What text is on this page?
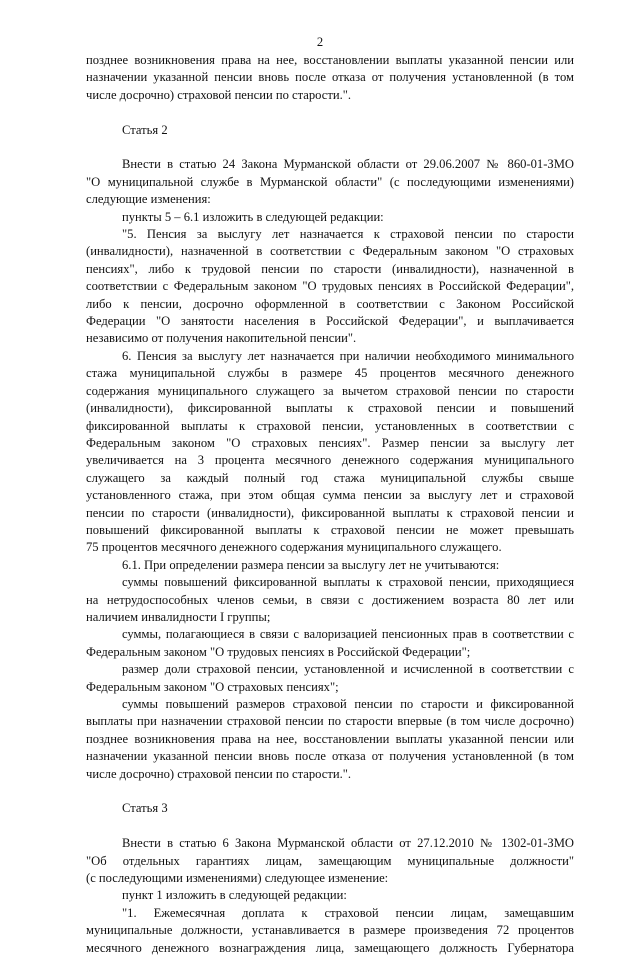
2

позднее возникновения права на нее, восстановлении выплаты указанной пенсии или

назначении указанной пенсии вновь после отказа от получения установленной (в том

числе досрочно) страховой пенсии по старости.".

Статья 2

Внести в статью 24 Закона Мурманской области от 29.06.2007 № 860-01-ЗМО

"О муниципальной службе в Мурманской области" (с последующими изменениями)

следующие изменения:

пункты 5 – 6.1 изложить в следующей редакции:

"5. Пенсия за выслугу лет назначается к страховой пенсии по старости

(инвалидности), назначенной в соответствии с Федеральным законом "О страховых

пенсиях", либо к трудовой пенсии по старости (инвалидности), назначенной в

соответствии с Федеральным законом "О трудовых пенсиях в Российской Федерации",

либо к пенсии, досрочно оформленной в соответствии с Законом Российской

Федерации "О занятости населения в Российской Федерации", и выплачивается

независимо от получения накопительной пенсии".

6. Пенсия за выслугу лет назначается при наличии необходимого минимального

стажа муниципальной службы в размере 45 процентов месячного денежного

содержания муниципального служащего за вычетом страховой пенсии по старости

(инвалидности), фиксированной выплаты к страховой пенсии и повышений

фиксированной выплаты к страховой пенсии, установленных в соответствии с

Федеральным законом "О страховых пенсиях". Размер пенсии за выслугу лет

увеличивается на 3 процента месячного денежного содержания муниципального

служащего за каждый полный год стажа муниципальной службы свыше

установленного стажа, при этом общая сумма пенсии за выслугу лет и страховой

пенсии по старости (инвалидности), фиксированной выплаты к страховой пенсии и

повышений фиксированной выплаты к страховой пенсии не может превышать

75 процентов месячного денежного содержания муниципального служащего.

6.1. При определении размера пенсии за выслугу лет не учитываются:

суммы повышений фиксированной выплаты к страховой пенсии, приходящиеся

на нетрудоспособных членов семьи, в связи с достижением возраста 80 лет или

наличием инвалидности I группы;

суммы, полагающиеся в связи с валоризацией пенсионных прав в соответствии с

Федеральным законом "О трудовых пенсиях в Российской Федерации";

размер доли страховой пенсии, установленной и исчисленной в соответствии с

Федеральным законом "О страховых пенсиях";

суммы повышений размеров страховой пенсии по старости и фиксированной

выплаты при назначении страховой пенсии по старости впервые (в том числе досрочно)

позднее возникновения права на нее, восстановлении выплаты указанной пенсии или

назначении указанной пенсии вновь после отказа от получения установленной (в том

числе досрочно) страховой пенсии по старости.".

Статья 3

Внести в статью 6 Закона Мурманской области от 27.12.2010 № 1302-01-ЗМО

"Об отдельных гарантиях лицам, замещающим муниципальные должности"

(с последующими изменениями) следующее изменение:

пункт 1 изложить в следующей редакции:

"1. Ежемесячная доплата к страховой пенсии лицам, замещавшим

муниципальные должности, устанавливается в размере произведения 72 процентов

месячного денежного вознаграждения лица, замещающего должность Губернатора
